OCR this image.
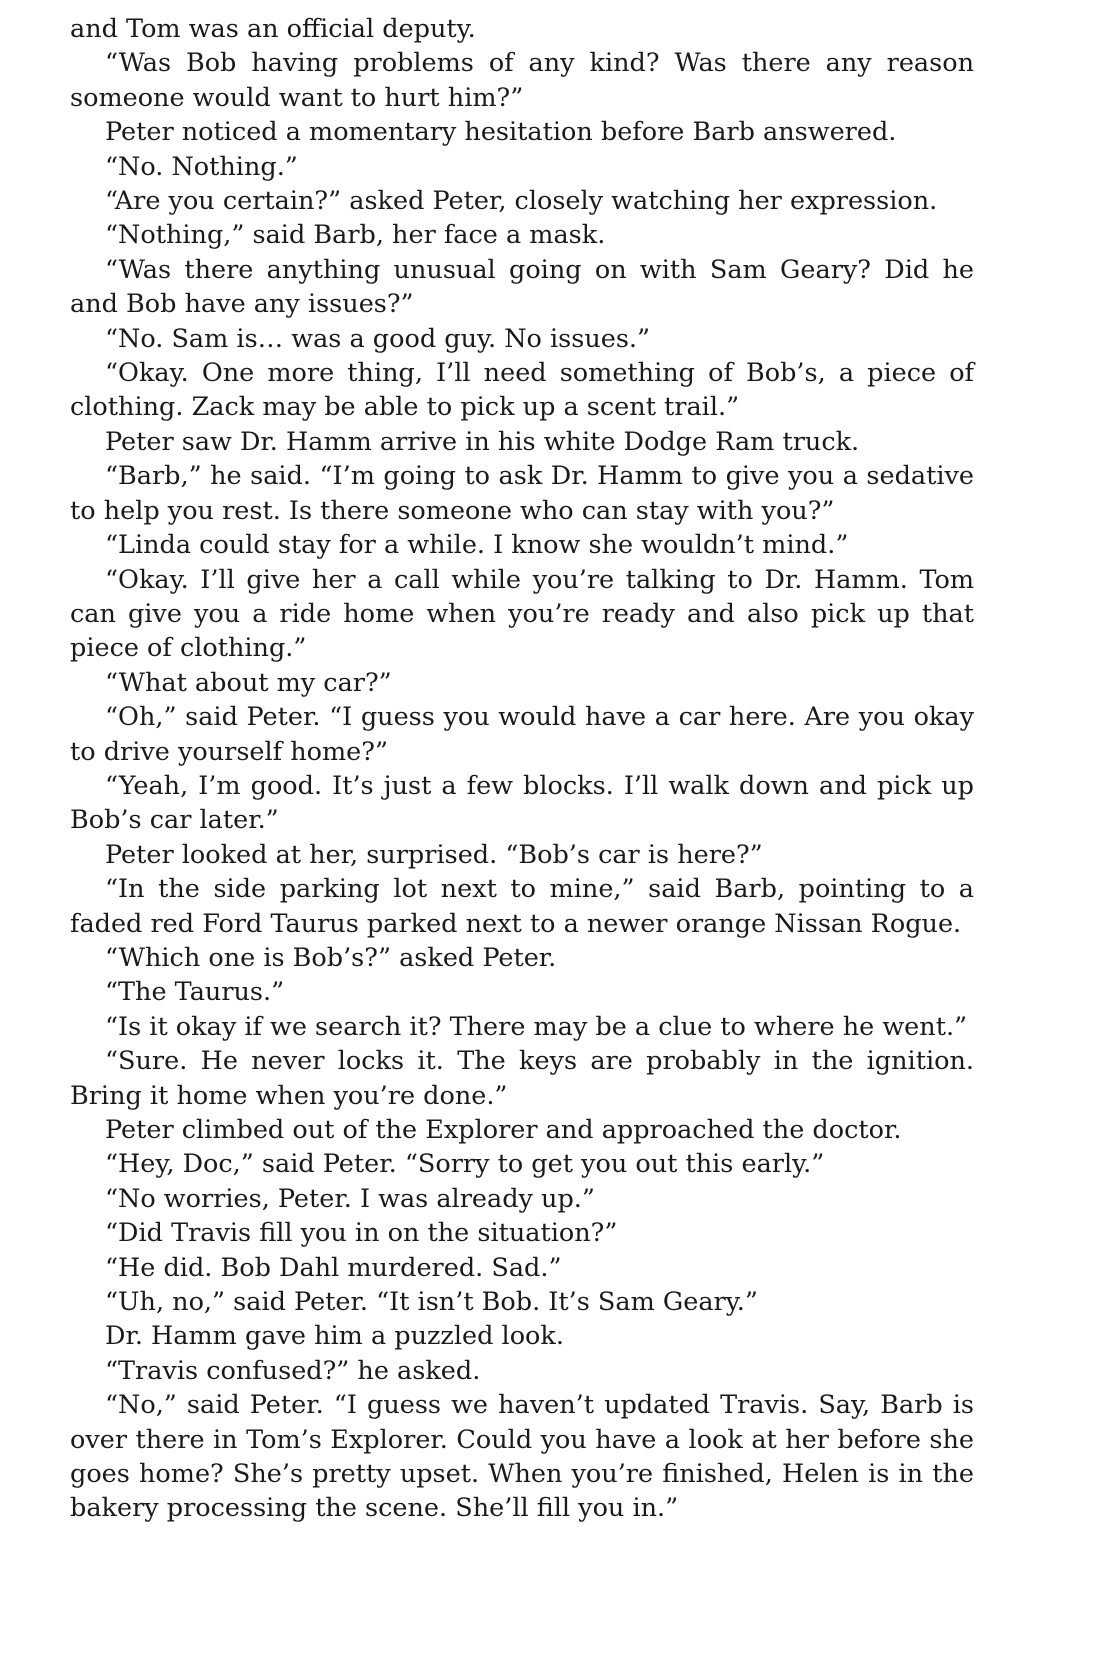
and Tom was an official deputy.

“Was Bob having problems of any kind? Was there any reason someone would want to hurt him?”

Peter noticed a momentary hesitation before Barb answered.

“No. Nothing.”

“Are you certain?” asked Peter, closely watching her expression.

“Nothing,” said Barb, her face a mask.

“Was there anything unusual going on with Sam Geary? Did he and Bob have any issues?”

“No. Sam is… was a good guy. No issues.”

“Okay. One more thing, I’ll need something of Bob’s, a piece of clothing. Zack may be able to pick up a scent trail.”

Peter saw Dr. Hamm arrive in his white Dodge Ram truck.

“Barb,” he said. “I’m going to ask Dr. Hamm to give you a sedative to help you rest. Is there someone who can stay with you?”

“Linda could stay for a while. I know she wouldn’t mind.”

“Okay. I’ll give her a call while you’re talking to Dr. Hamm. Tom can give you a ride home when you’re ready and also pick up that piece of clothing.”

“What about my car?”

“Oh,” said Peter. “I guess you would have a car here. Are you okay to drive yourself home?”

“Yeah, I’m good. It’s just a few blocks. I’ll walk down and pick up Bob’s car later.”

Peter looked at her, surprised. “Bob’s car is here?”

“In the side parking lot next to mine,” said Barb, pointing to a faded red Ford Taurus parked next to a newer orange Nissan Rogue.

“Which one is Bob’s?” asked Peter.

“The Taurus.”

“Is it okay if we search it? There may be a clue to where he went.”

“Sure. He never locks it. The keys are probably in the ignition. Bring it home when you’re done.”

Peter climbed out of the Explorer and approached the doctor.

“Hey, Doc,” said Peter. “Sorry to get you out this early.”

“No worries, Peter. I was already up.”

“Did Travis fill you in on the situation?”

“He did. Bob Dahl murdered. Sad.”

“Uh, no,” said Peter. “It isn’t Bob. It’s Sam Geary.”

Dr. Hamm gave him a puzzled look.

“Travis confused?” he asked.

“No,” said Peter. “I guess we haven’t updated Travis. Say, Barb is over there in Tom’s Explorer. Could you have a look at her before she goes home? She’s pretty upset. When you’re finished, Helen is in the bakery processing the scene. She’ll fill you in.”
